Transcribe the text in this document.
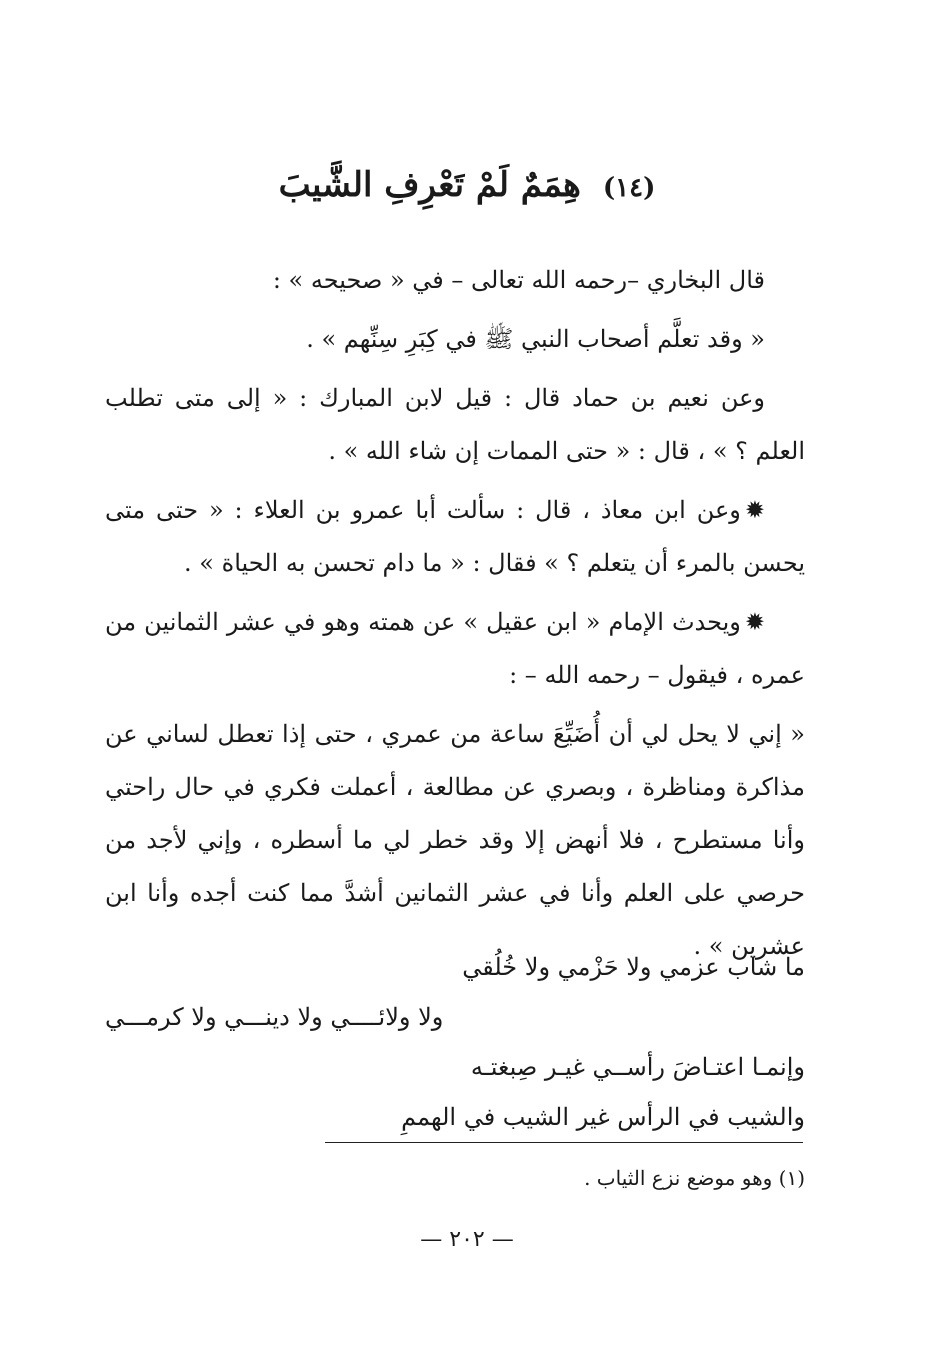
(١٤) هِمَمٌ لَمْ تَعْرِفِ الشَّيبَ

قال البخاري –رحمه الله تعالى – في « صحيحه » :

« وقد تعلَّم أصحاب النبي ﷺ في كِبَرِ سِنِّهم » .

وعن نعيم بن حماد قال : قيل لابن المبارك : « إلى متى تطلب العلم ؟ » ، قال : « حتى الممات إن شاء الله » .

✹وعن ابن معاذ ، قال : سألت أبا عمرو بن العلاء : « حتى متى يحسن بالمرء أن يتعلم ؟ » فقال : « ما دام تحسن به الحياة » .

✹ويحدث الإمام « ابن عقيل » عن همته وهو في عشر الثمانين من عمره ، فيقول – رحمه الله – :

« إني لا يحل لي أن أُضَيِّعَ ساعة من عمري ، حتى إذا تعطل لساني عن مذاكرة ومناظرة ، وبصري عن مطالعة ، أعملت فكري في حال راحتي وأنا مستطرح ، فلا أنهض إلا وقد خطر لي ما أسطره ، وإني لأجد من حرصي على العلم وأنا في عشر الثمانين أشدَّ مما كنت أجده وأنا ابن عشرين » .

ما شاب عزمي ولا حَزْمي ولا خُلُقي
ولا ولائــــي ولا دينـــي ولا كرمـــي
وإنمـا اعتـاضَ رأســي غيـر صِبغتـه
والشيب في الرأس غير الشيب في الهممِ
(١) وهو موضع نزع الثياب .
— ٢٠٢ —
